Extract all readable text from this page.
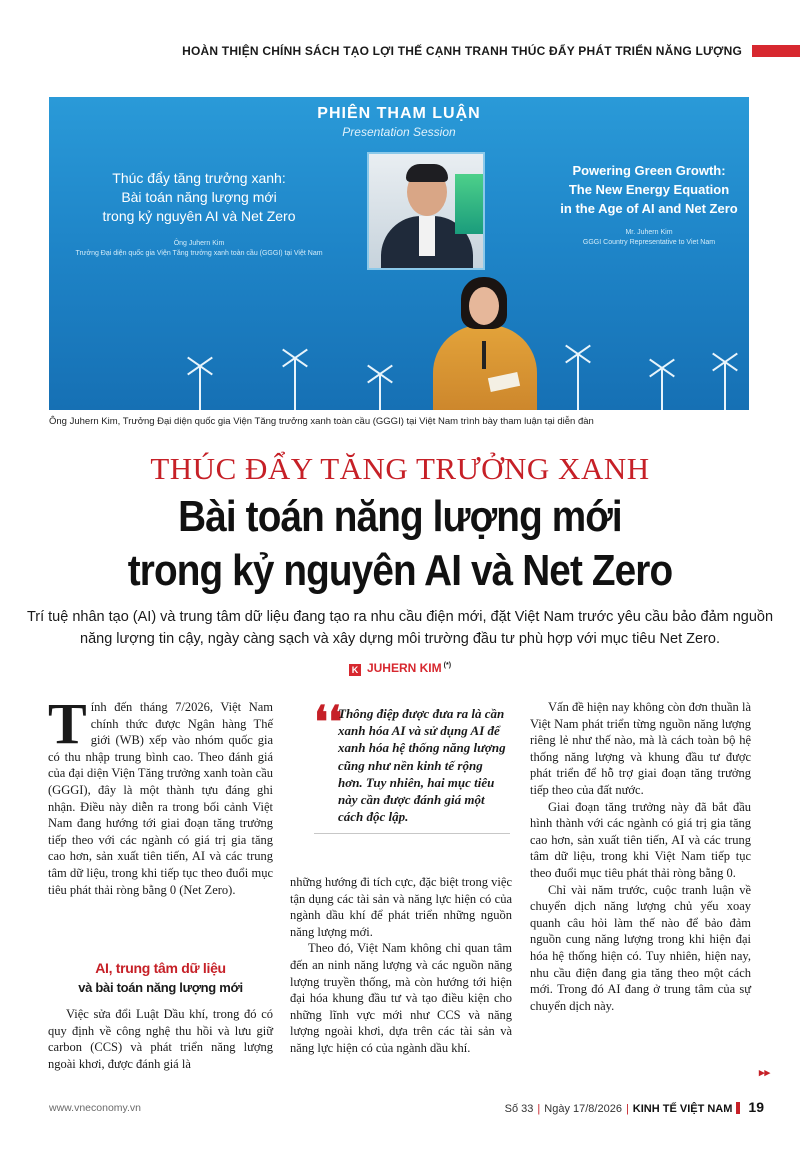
HOÀN THIỆN CHÍNH SÁCH TẠO LỢI THẾ CẠNH TRANH THÚC ĐẨY PHÁT TRIỂN NĂNG LƯỢNG
PHIÊN THAM LUẬN
Presentation Session
Thúc đẩy tăng trưởng xanh:
Bài toán năng lượng mới
trong kỷ nguyên AI và Net Zero
Ông Juhern Kim
Trưởng Đại diện quốc gia Viện Tăng trưởng xanh toàn cầu (GGGI) tại Việt Nam
Powering Green Growth:
The New Energy Equation
in the Age of AI and Net Zero
Mr. Juhern Kim
GGGI Country Representative to Viet Nam
Ông Juhern Kim, Trưởng Đại diện quốc gia Viện Tăng trưởng xanh toàn cầu (GGGI) tại Việt Nam trình bày tham luận tại diễn đàn
THÚC ĐẨY TĂNG TRƯỞNG XANH
Bài toán năng lượng mới
trong kỷ nguyên AI và Net Zero
Trí tuệ nhân tạo (AI) và trung tâm dữ liệu đang tạo ra nhu cầu điện mới, đặt Việt Nam trước yêu cầu bảo đảm nguồn năng lượng tin cậy, ngày càng sạch và xây dựng môi trường đầu tư phù hợp với mục tiêu Net Zero.
K JUHERN KIM (*)
T ính đến tháng 7/2026, Việt Nam chính thức được Ngân hàng Thế giới (WB) xếp vào nhóm quốc gia có thu nhập trung bình cao. Theo đánh giá của đại diện Viện Tăng trưởng xanh toàn cầu (GGGI), đây là một thành tựu đáng ghi nhận. Điều này diễn ra trong bối cảnh Việt Nam đang hướng tới giai đoạn tăng trưởng tiếp theo với các ngành có giá trị gia tăng cao hơn, sản xuất tiên tiến, AI và các trung tâm dữ liệu, trong khi tiếp tục theo đuổi mục tiêu phát thải ròng bằng 0 (Net Zero).
AI, trung tâm dữ liệu
và bài toán năng lượng mới

Việc sửa đổi Luật Dầu khí, trong đó có quy định về công nghệ thu hồi và lưu giữ carbon (CCS) và phát triển năng lượng ngoài khơi, được đánh giá là

❛❛
Thông điệp được đưa ra là cần xanh hóa AI và sử dụng AI để xanh hóa hệ thống năng lượng cũng như nền kinh tế rộng hơn. Tuy nhiên, hai mục tiêu này cần được đánh giá một cách độc lập.

những hướng đi tích cực, đặc biệt trong việc tận dụng các tài sản và năng lực hiện có của ngành dầu khí để phát triển những nguồn năng lượng mới.

Theo đó, Việt Nam không chỉ quan tâm đến an ninh năng lượng và các nguồn năng lượng truyền thống, mà còn hướng tới hiện đại hóa khung đầu tư và tạo điều kiện cho những lĩnh vực mới như CCS và năng lượng ngoài khơi, dựa trên các tài sản và năng lực hiện có của ngành dầu khí.

Vấn đề hiện nay không còn đơn thuần là Việt Nam phát triển từng nguồn năng lượng riêng lẻ như thế nào, mà là cách toàn bộ hệ thống năng lượng và khung đầu tư được phát triển để hỗ trợ giai đoạn tăng trưởng tiếp theo của đất nước.

Giai đoạn tăng trưởng này đã bắt đầu hình thành với các ngành có giá trị gia tăng cao hơn, sản xuất tiên tiến, AI và các trung tâm dữ liệu, trong khi Việt Nam tiếp tục theo đuổi mục tiêu phát thải ròng bằng 0.

Chỉ vài năm trước, cuộc tranh luận về chuyển dịch năng lượng chủ yếu xoay quanh câu hỏi làm thế nào để bảo đảm nguồn cung năng lượng trong khi hiện đại hóa hệ thống hiện có. Tuy nhiên, hiện nay, nhu cầu điện đang gia tăng theo một cách mới. Trong đó AI đang ở trung tâm của sự chuyển dịch này.

▸▸
www.vneconomy.vn	Số 33 | Ngày 17/8/2026 | KINH TẾ VIỆT NAM 19
